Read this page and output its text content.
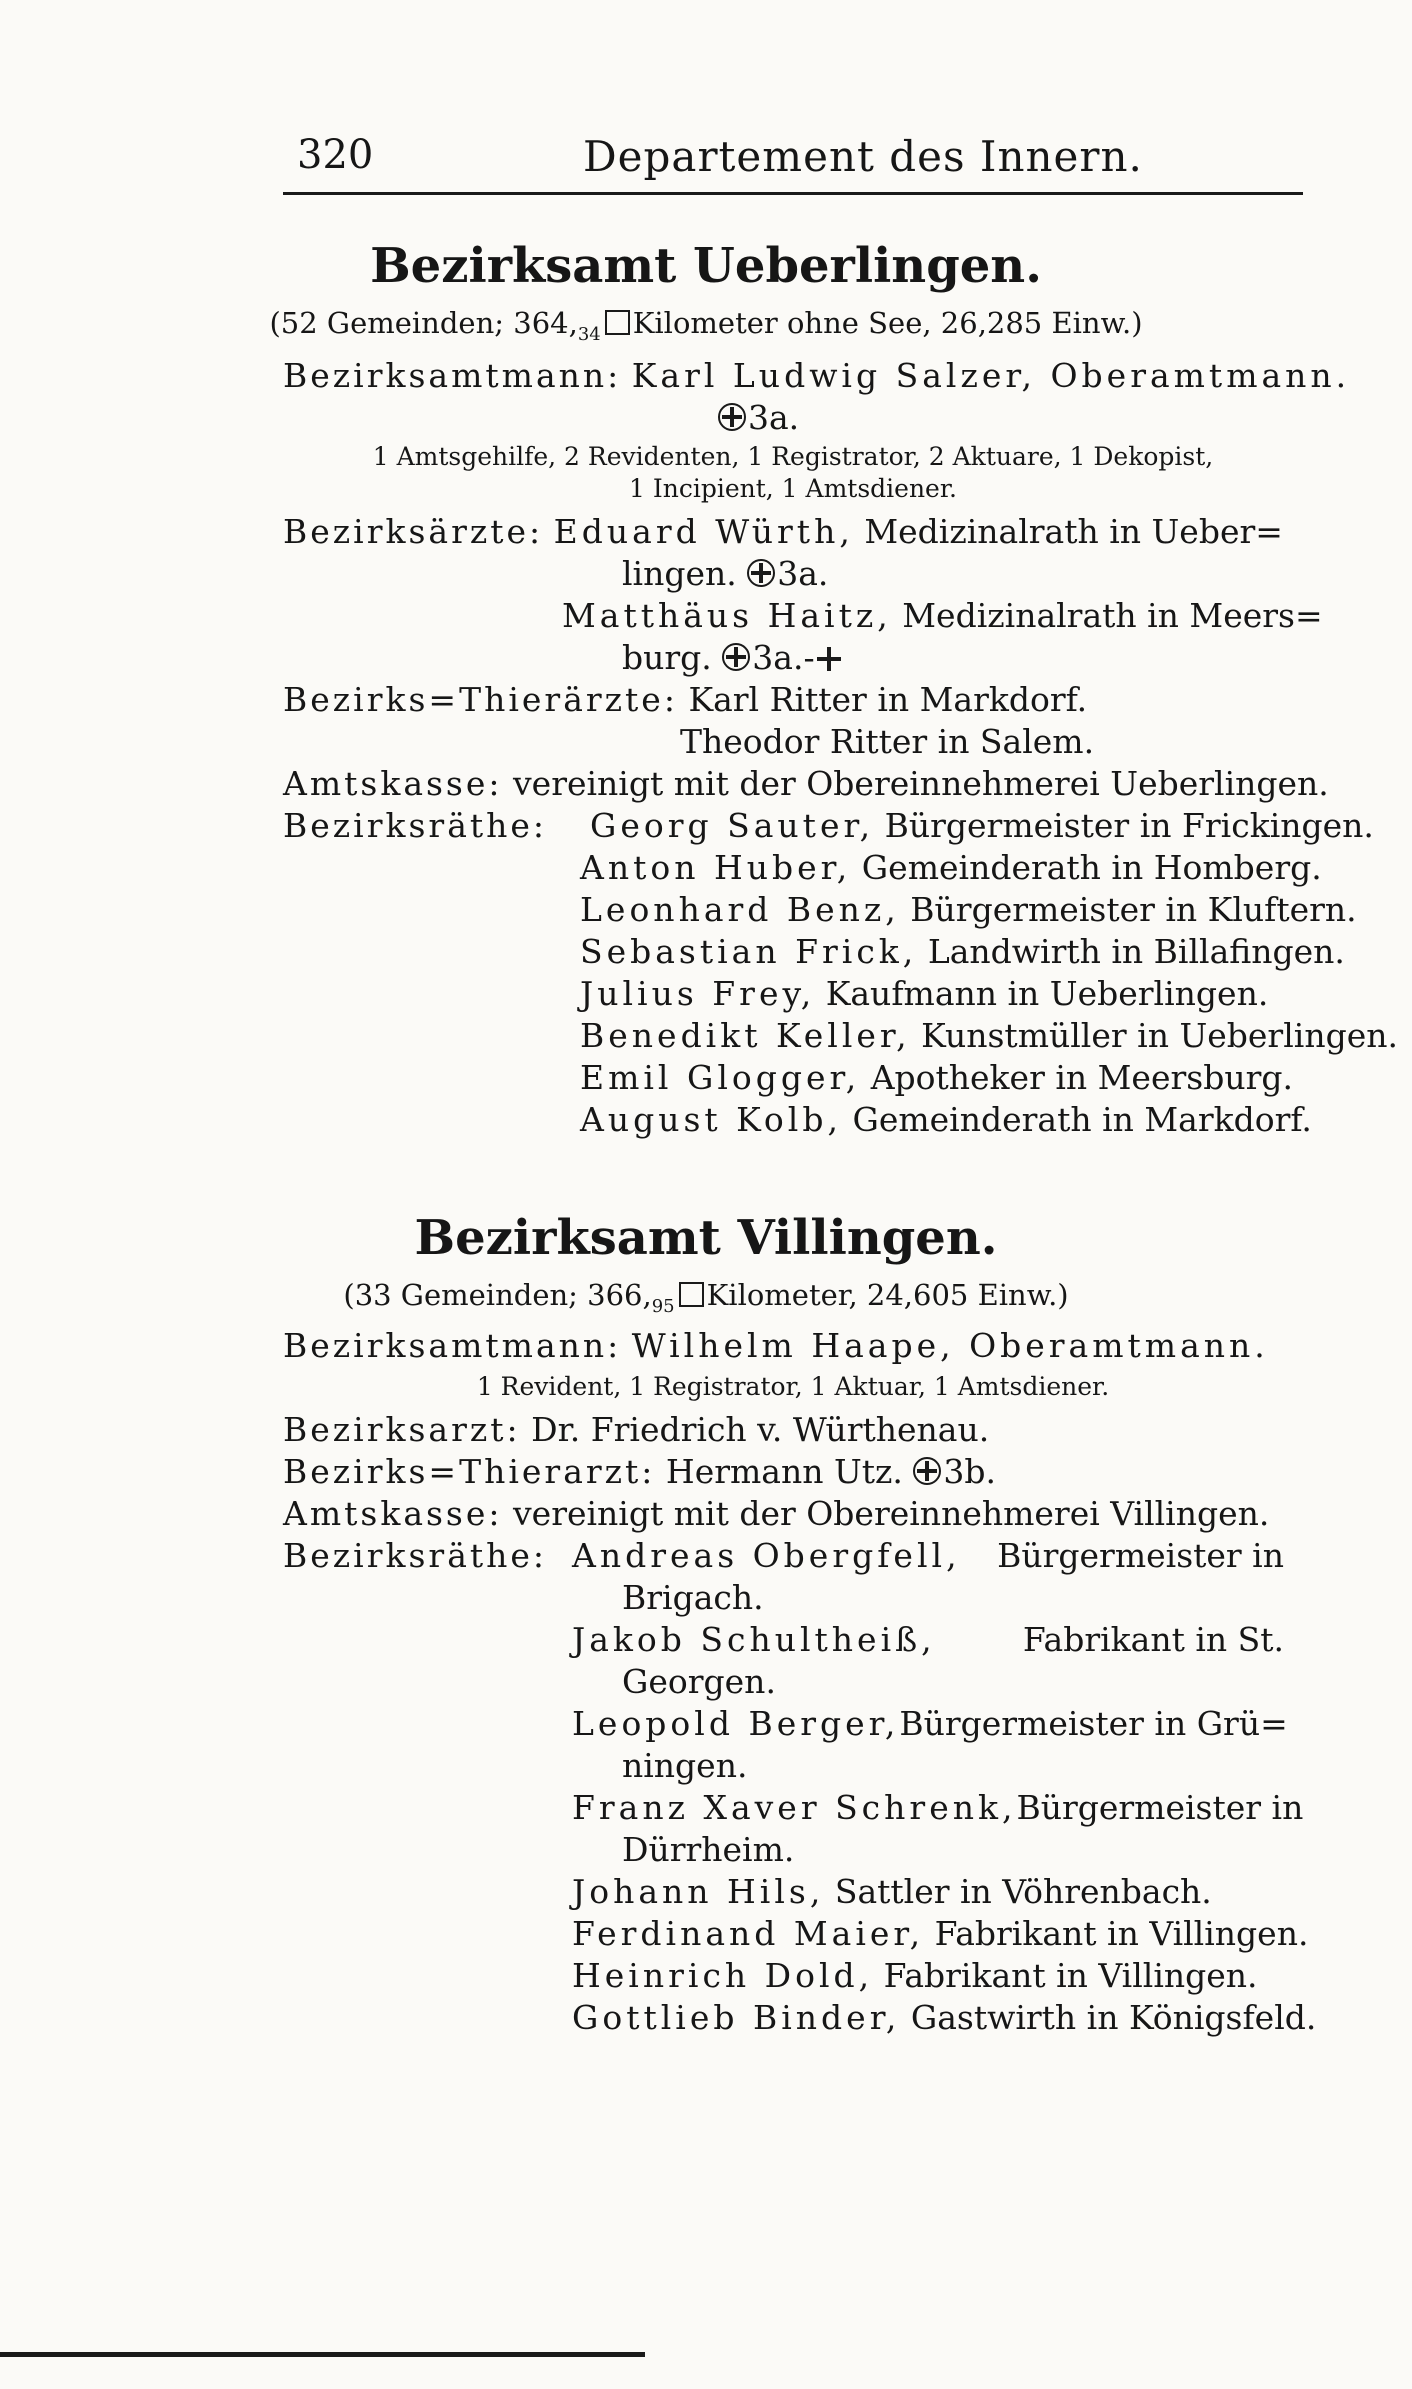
320	Departement des Innern.
Bezirksamt Ueberlingen.
(52 Gemeinden; $364,_{34}$ Kilometer ohne See, 26,285 Einw.)
Bezirksamtmann: Karl Ludwig Salzer, Oberamtmann.
3a.
1 Amtsgehilfe, 2 Revidenten, 1 Registrator, 2 Aktuare, 1 Dekopist,
1 Incipient, 1 Amtsdiener.
Bezirksärzte: Eduard Würth, Medizinalrath in Ueber=
lingen. 3a.
Matthäus Haitz, Medizinalrath in Meers=
burg. 3a.-
Bezirks=Thierärzte: Karl Ritter in Markdorf.
Theodor Ritter in Salem.
Amtskasse: vereinigt mit der Obereinnehmerei Ueberlingen.
Bezirksräthe: Georg Sauter, Bürgermeister in Frickingen.
Anton Huber, Gemeinderath in Homberg.
Leonhard Benz, Bürgermeister in Kluftern.
Sebastian Frick, Landwirth in Billafingen.
Julius Frey, Kaufmann in Ueberlingen.
Benedikt Keller, Kunstmüller in Ueberlingen.
Emil Glogger, Apotheker in Meersburg.
August Kolb, Gemeinderath in Markdorf.
Bezirksamt Villingen.
(33 Gemeinden; $366,_{95}$ Kilometer, 24,605 Einw.)
Bezirksamtmann: Wilhelm Haape, Oberamtmann.
1 Revident, 1 Registrator, 1 Aktuar, 1 Amtsdiener.
Bezirksarzt: Dr. Friedrich v. Würthenau.
Bezirks=Thierarzt: Hermann Utz. 3b.
Amtskasse: vereinigt mit der Obereinnehmerei Villingen.
Bezirksräthe: Andreas Obergfell, Bürgermeister in
Brigach.
Jakob Schultheiß,	Fabrikant in St.
Georgen.
Leopold Berger, Bürgermeister in Grü=
ningen.
Franz Xaver Schrenk, Bürgermeister in
Dürrheim.
Johann Hils, Sattler in Vöhrenbach.
Ferdinand Maier, Fabrikant in Villingen.
Heinrich Dold, Fabrikant in Villingen.
Gottlieb Binder, Gastwirth in Königsfeld.
